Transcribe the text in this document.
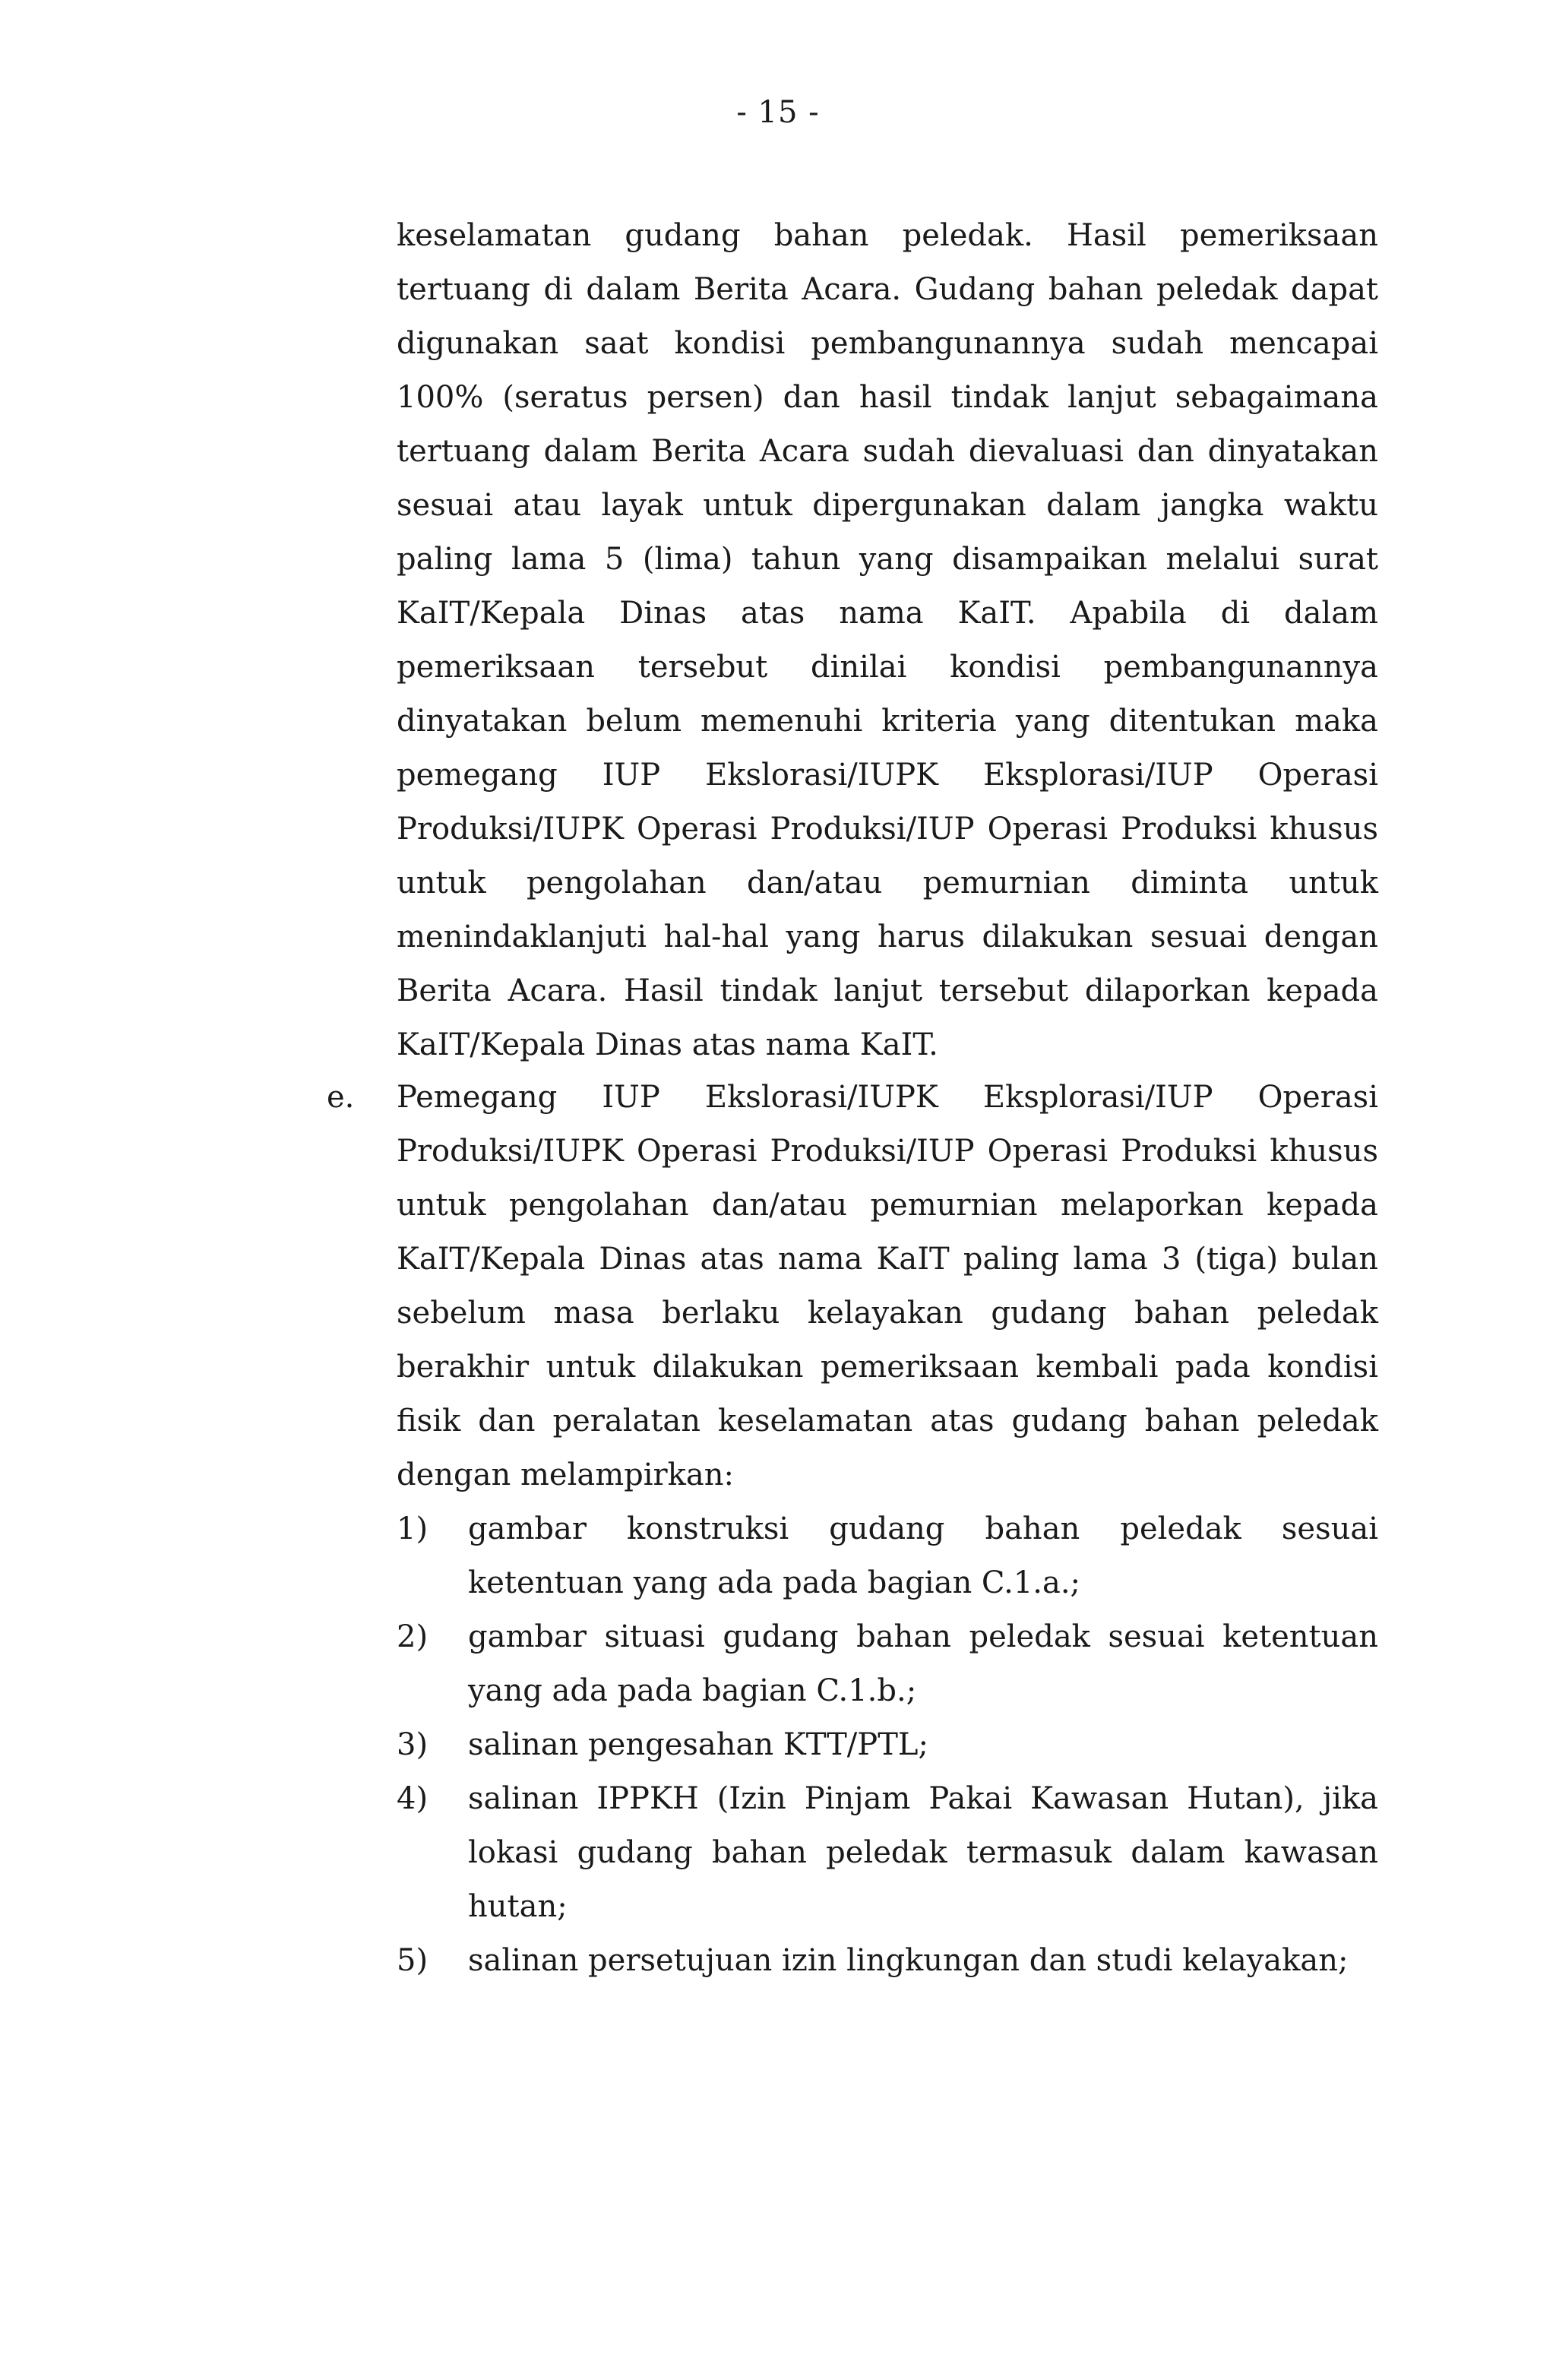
- 15 -
keselamatan gudang bahan peledak. Hasil pemeriksaan tertuang di dalam Berita Acara. Gudang bahan peledak dapat digunakan saat kondisi pembangunannya sudah mencapai 100% (seratus persen) dan hasil tindak lanjut sebagaimana tertuang dalam Berita Acara sudah dievaluasi dan dinyatakan sesuai atau layak untuk dipergunakan dalam jangka waktu paling lama 5 (lima) tahun yang disampaikan melalui surat KaIT/Kepala Dinas atas nama KaIT. Apabila di dalam pemeriksaan tersebut dinilai kondisi pembangunannya dinyatakan belum memenuhi kriteria yang ditentukan maka pemegang IUP Ekslorasi/IUPK Eksplorasi/IUP Operasi Produksi/IUPK Operasi Produksi/IUP Operasi Produksi khusus untuk pengolahan dan/atau pemurnian diminta untuk menindaklanjuti hal-hal yang harus dilakukan sesuai dengan Berita Acara. Hasil tindak lanjut tersebut dilaporkan kepada KaIT/Kepala Dinas atas nama KaIT.
e. Pemegang IUP Ekslorasi/IUPK Eksplorasi/IUP Operasi Produksi/IUPK Operasi Produksi/IUP Operasi Produksi khusus untuk pengolahan dan/atau pemurnian melaporkan kepada KaIT/Kepala Dinas atas nama KaIT paling lama 3 (tiga) bulan sebelum masa berlaku kelayakan gudang bahan peledak berakhir untuk dilakukan pemeriksaan kembali pada kondisi fisik dan peralatan keselamatan atas gudang bahan peledak dengan melampirkan:
1) gambar konstruksi gudang bahan peledak sesuai ketentuan yang ada pada bagian C.1.a.;
2) gambar situasi gudang bahan peledak sesuai ketentuan yang ada pada bagian C.1.b.;
3) salinan pengesahan KTT/PTL;
4) salinan IPPKH (Izin Pinjam Pakai Kawasan Hutan), jika lokasi gudang bahan peledak termasuk dalam kawasan hutan;
5) salinan persetujuan izin lingkungan dan studi kelayakan;
